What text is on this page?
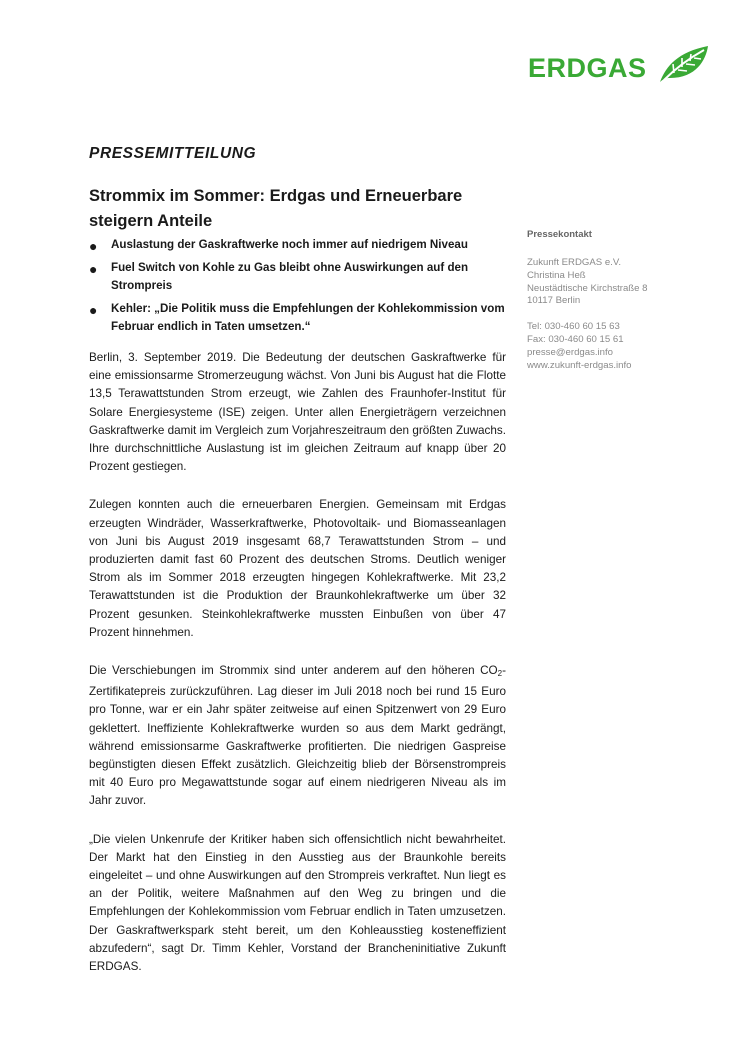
ERDGAS
PRESSEMITTEILUNG
Strommix im Sommer: Erdgas und Erneuerbare steigern Anteile
● Auslastung der Gaskraftwerke noch immer auf niedrigem Niveau
● Fuel Switch von Kohle zu Gas bleibt ohne Auswirkungen auf den Strompreis
● Kehler: „Die Politik muss die Empfehlungen der Kohlekommission vom Februar endlich in Taten umsetzen.“

Berlin, 3. September 2019. Die Bedeutung der deutschen Gaskraftwerke für eine emissionsarme Stromerzeugung wächst. Von Juni bis August hat die Flotte 13,5 Terawattstunden Strom erzeugt, wie Zahlen des Fraunhofer-Institut für Solare Energiesysteme (ISE) zeigen. Unter allen Energieträgern verzeichnen Gaskraftwerke damit im Vergleich zum Vorjahreszeitraum den größten Zuwachs. Ihre durchschnittliche Auslastung ist im gleichen Zeitraum auf knapp über 20 Prozent gestiegen.

Zulegen konnten auch die erneuerbaren Energien. Gemeinsam mit Erdgas erzeugten Windräder, Wasserkraftwerke, Photovoltaik- und Biomasseanlagen von Juni bis August 2019 insgesamt 68,7 Terawattstunden Strom – und produzierten damit fast 60 Prozent des deutschen Stroms. Deutlich weniger Strom als im Sommer 2018 erzeugten hingegen Kohlekraftwerke. Mit 23,2 Terawattstunden ist die Produktion der Braunkohlekraftwerke um über 32 Prozent gesunken. Steinkohlekraftwerke mussten Einbußen von über 47 Prozent hinnehmen.

Die Verschiebungen im Strommix sind unter anderem auf den höheren $CO_2$-Zertifikatepreis zurückzuführen. Lag dieser im Juli 2018 noch bei rund 15 Euro pro Tonne, war er ein Jahr später zeitweise auf einen Spitzenwert von 29 Euro geklettert. Ineffiziente Kohlekraftwerke wurden so aus dem Markt gedrängt, während emissionsarme Gaskraftwerke profitierten. Die niedrigen Gaspreise begünstigten diesen Effekt zusätzlich. Gleichzeitig blieb der Börsenstrompreis mit 40 Euro pro Megawattstunde sogar auf einem niedrigeren Niveau als im Jahr zuvor.

„Die vielen Unkenrufe der Kritiker haben sich offensichtlich nicht bewahrheitet. Der Markt hat den Einstieg in den Ausstieg aus der Braunkohle bereits eingeleitet – und ohne Auswirkungen auf den Strompreis verkraftet. Nun liegt es an der Politik, weitere Maßnahmen auf den Weg zu bringen und die Empfehlungen der Kohlekommission vom Februar endlich in Taten umzusetzen. Der Gaskraftwerkspark steht bereit, um den Kohleausstieg kosteneffizient abzufedern“, sagt Dr. Timm Kehler, Vorstand der Brancheninitiative Zukunft ERDGAS.

Pressekontakt
Zukunft ERDGAS e.V.
Christina Heß
Neustädtische Kirchstraße 8
10117 Berlin
Tel: 030-460 60 15 63
Fax: 030-460 60 15 61
presse@erdgas.info
www.zukunft-erdgas.info
